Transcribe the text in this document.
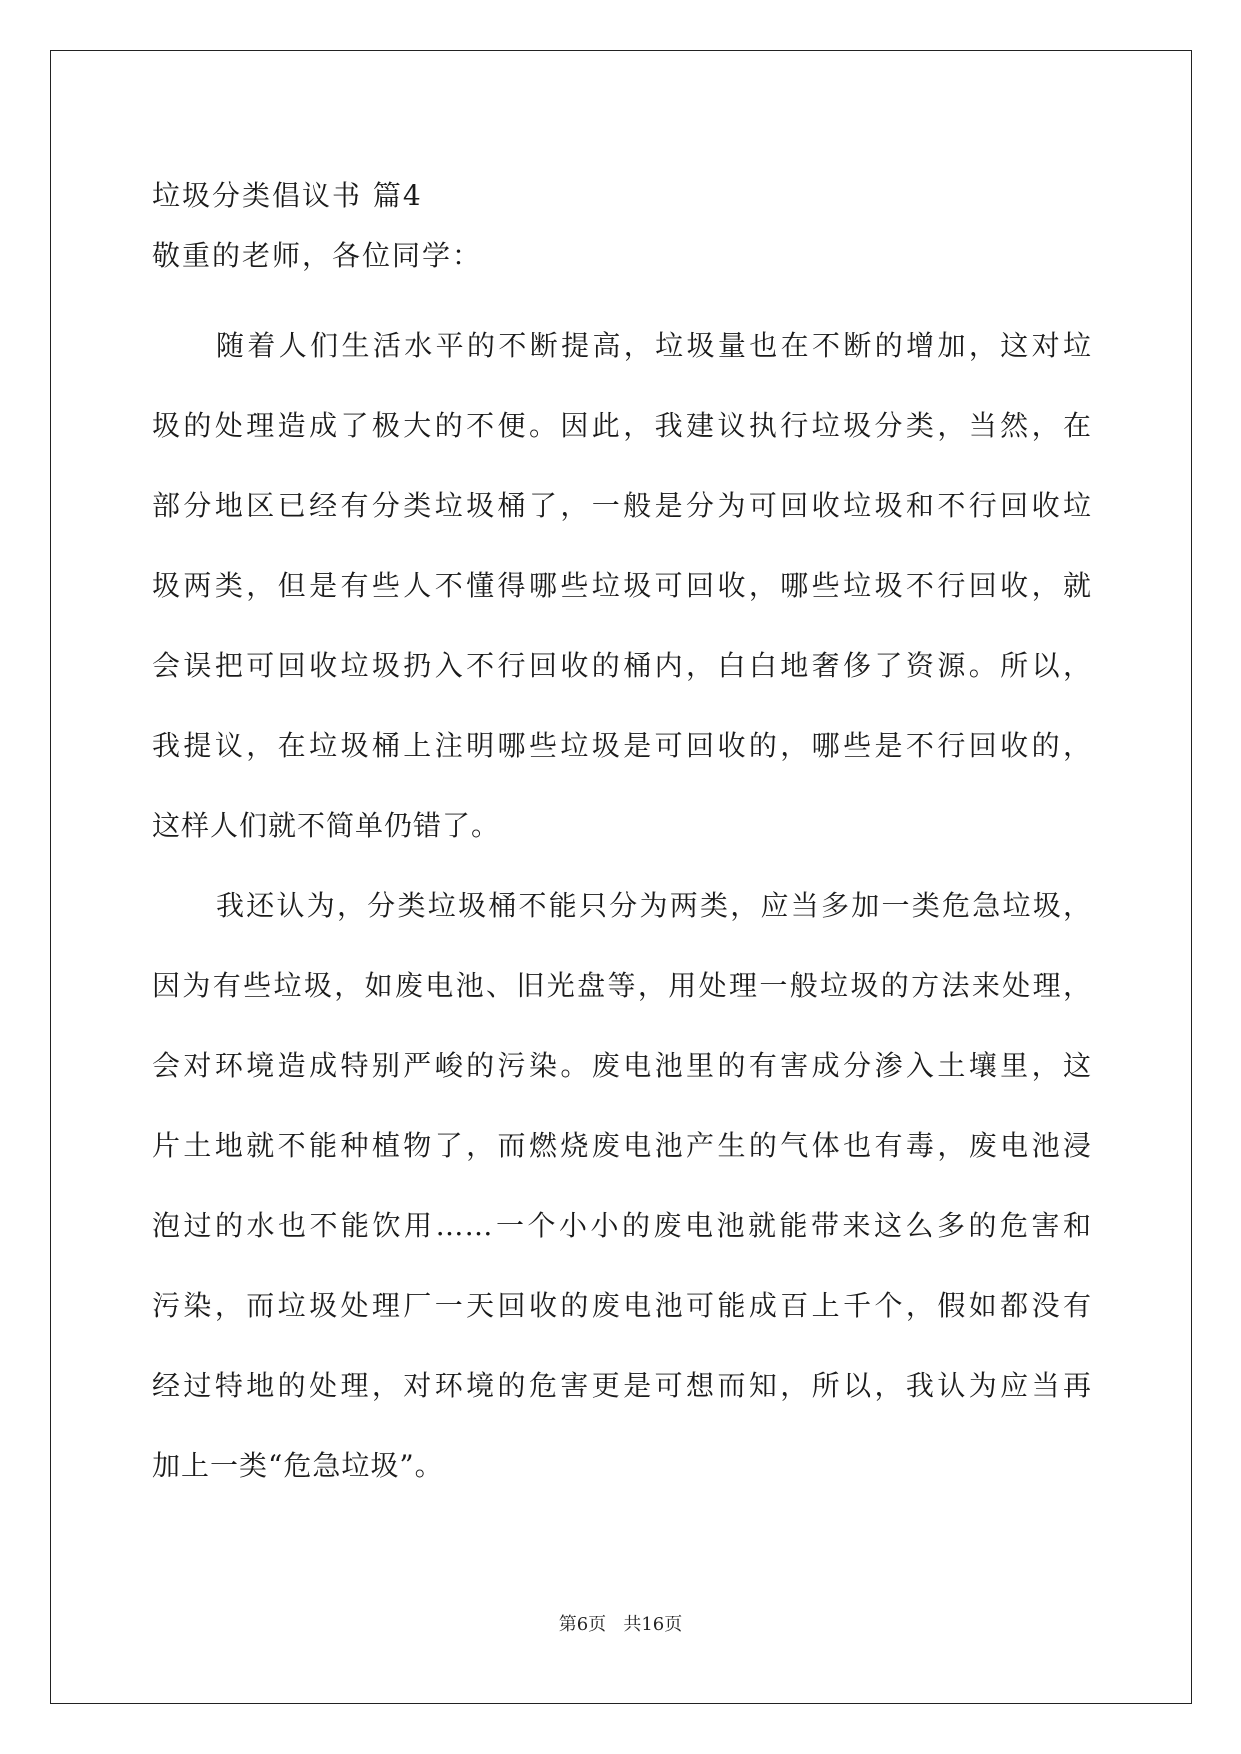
垃圾分类倡议书 篇4
敬重的老师，各位同学：
随着人们生活水平的不断提高，垃圾量也在不断的增加，这对垃
圾的处理造成了极大的不便。因此，我建议执行垃圾分类，当然，在
部分地区已经有分类垃圾桶了，一般是分为可回收垃圾和不行回收垃
圾两类，但是有些人不懂得哪些垃圾可回收，哪些垃圾不行回收，就
会误把可回收垃圾扔入不行回收的桶内，白白地奢侈了资源。所以，
我提议，在垃圾桶上注明哪些垃圾是可回收的，哪些是不行回收的，
这样人们就不简单仍错了。
我还认为，分类垃圾桶不能只分为两类，应当多加一类危急垃圾，
因为有些垃圾，如废电池、旧光盘等，用处理一般垃圾的方法来处理，
会对环境造成特别严峻的污染。废电池里的有害成分渗入土壤里，这
片土地就不能种植物了，而燃烧废电池产生的气体也有毒，废电池浸
泡过的水也不能饮用……一个小小的废电池就能带来这么多的危害和
污染，而垃圾处理厂一天回收的废电池可能成百上千个，假如都没有
经过特地的处理，对环境的危害更是可想而知，所以，我认为应当再
加上一类“危急垃圾”。
第6页   共16页
